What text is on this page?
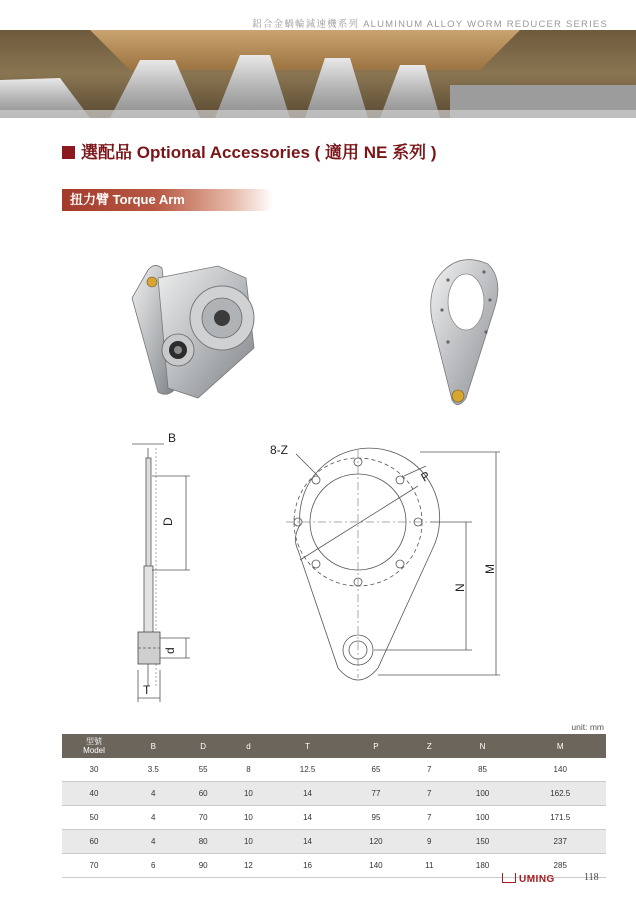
鋁合金蝸輪減速機系列 ALUMINUM ALLOY WORM REDUCER SERIES
選配品 Optional Accessories ( 適用 NE 系列 )
扭力臂 Torque Arm
B
D
d
T
8-Z
P
N
M
unit: mm
型號
Model	B	D	d	T	P	Z	N	M
30	3.5	55	8	12.5	65	7	85	140
40	4	60	10	14	77	7	100	162.5
50	4	70	10	14	95	7	100	171.5
60	4	80	10	14	120	9	150	237
70	6	90	12	16	140	11	180	285
UMING	118
